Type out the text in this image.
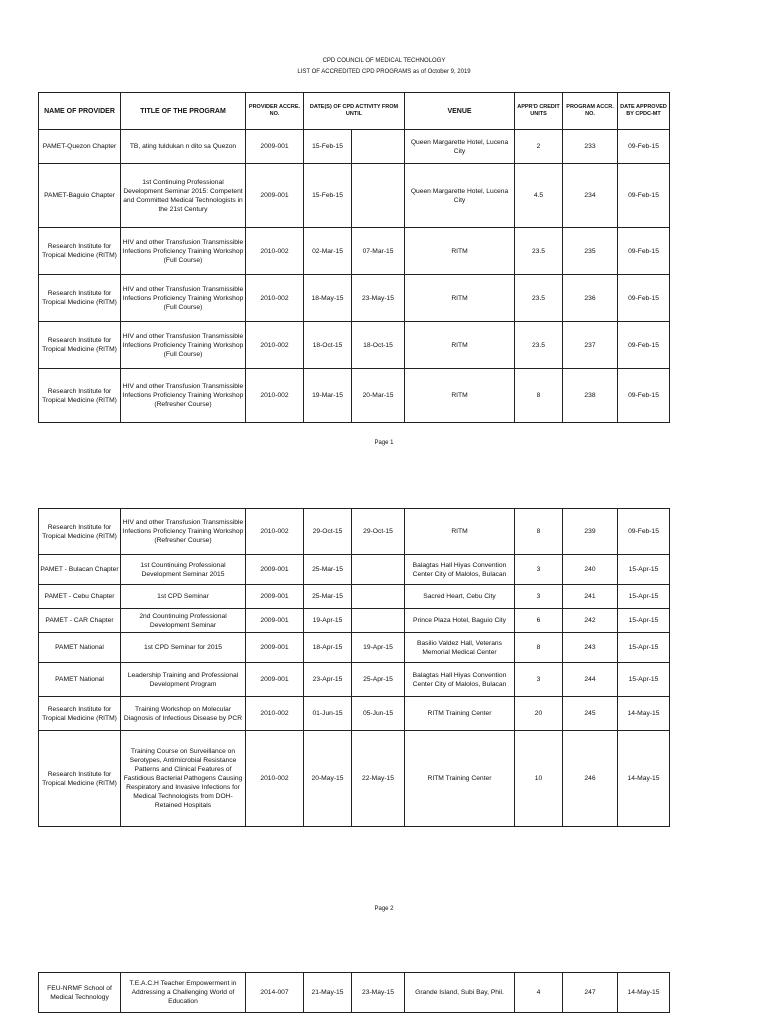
CPD COUNCIL OF MEDICAL TECHNOLOGY
LIST OF ACCREDITED CPD PROGRAMS as of October 9, 2019
NAME OF PROVIDER	TITLE OF THE PROGRAM	PROVIDER ACCRE. NO.	DATE(S) OF CPD ACTIVITY FROM UNTIL		VENUE	APPR'D CREDIT UNITS	PROGRAM ACCR. NO.	DATE APPROVED BY CPDC-MT
PAMET-Quezon Chapter	TB, ating tuldukan n dito sa Quezon	2009-001	15-Feb-15		Queen Margarette Hotel, Lucena City	2	233	09-Feb-15
PAMET-Baguio Chapter	1st Continuing Professional Development Seminar 2015: Competent and Committed Medical Technologists in the 21st Century	2009-001	15-Feb-15		Queen Margarette Hotel, Lucena City	4.5	234	09-Feb-15
Research Institute for Tropical Medicine (RITM)	HIV and other Transfusion Transmissible Infections Proficiency Training Workshop (Full Course)	2010-002	02-Mar-15	07-Mar-15	RITM	23.5	235	09-Feb-15
Research Institute for Tropical Medicine (RITM)	HIV and other Transfusion Transmissible Infections Proficiency Training Workshop (Full Course)	2010-002	18-May-15	23-May-15	RITM	23.5	236	09-Feb-15
Research Institute for Tropical Medicine (RITM)	HIV and other Transfusion Transmissible Infections Proficiency Training Workshop (Full Course)	2010-002	18-Oct-15	18-Oct-15	RITM	23.5	237	09-Feb-15
Research Institute for Tropical Medicine (RITM)	HIV and other Transfusion Transmissible Infections Proficiency Training Workshop (Refresher Course)	2010-002	19-Mar-15	20-Mar-15	RITM	8	238	09-Feb-15
Page 1
Research Institute for Tropical Medicine (RITM)	HIV and other Transfusion Transmissible Infections Proficiency Training Workshop (Refresher Course)	2010-002	29-Oct-15	29-Oct-15	RITM	8	239	09-Feb-15
PAMET - Bulacan Chapter	1st Countinuing Professional Development Seminar 2015	2009-001	25-Mar-15		Balagtas Hall Hiyas Convention Center City of Malolos, Bulacan	3	240	15-Apr-15
PAMET - Cebu Chapter	1st CPD Seminar	2009-001	25-Mar-15		Sacred Heart, Cebu City	3	241	15-Apr-15
PAMET - CAR Chapter	2nd Countinuing Professional Development Seminar	2009-001	19-Apr-15		Prince Plaza Hotel, Baguio City	6	242	15-Apr-15
PAMET National	1st CPD Seminar for 2015	2009-001	18-Apr-15	19-Apr-15	Basilio Valdez Hall, Veterans Memorial Medical Center	8	243	15-Apr-15
PAMET National	Leadership Training and Professional Development Program	2009-001	23-Apr-15	25-Apr-15	Balagtas Hall Hiyas Convention Center City of Malolos, Bulacan	3	244	15-Apr-15
Research Institute for Tropical Medicine (RITM)	Training Workshop on Molecular Diagnosis of Infectious Disease by PCR	2010-002	01-Jun-15	05-Jun-15	RITM Training Center	20	245	14-May-15
Research Institute for Tropical Medicine (RITM)	Training Course on Surveillance on Serotypes, Antimicrobial Resistance Patterns and Clinical Features of Fastidious Bacterial Pathogens Causing Respiratory and Invasive Infections for Medical Technologists from DOH-Retained Hospitals	2010-002	20-May-15	22-May-15	RITM Training Center	10	246	14-May-15
Page 2
FEU-NRMF School of Medical Technology	T.E.A.C.H Teacher Empowerment in Addressing a Challenging World of Education	2014-007	21-May-15	23-May-15	Grande Island, Subi Bay, Phil.	4	247	14-May-15
